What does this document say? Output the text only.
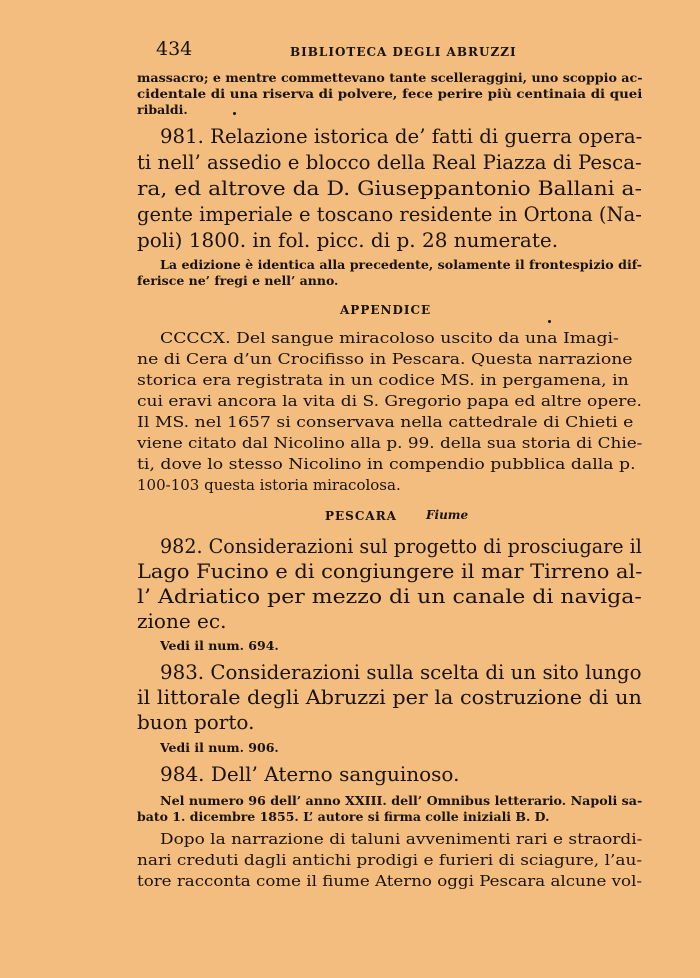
434	BIBLIOTECA DEGLI ABRUZZI
massacro; e mentre commettevano tante scelleraggini, uno scoppio ac-
cidentale di una riserva di polvere, fece perire più centinaia di quei
ribaldi.
981. Relazione istorica de’ fatti di guerra opera-
ti nell’ assedio e blocco della Real Piazza di Pesca-
ra, ed altrove da D. Giuseppantonio Ballani a-
gente imperiale e toscano residente in Ortona (Na-
poli) 1800. in fol. picc. di p. 28 numerate.
La edizione è identica alla precedente, solamente il frontespizio dif-
ferisce ne’ fregi e nell’ anno.
APPENDICE
CCCCX. Del sangue miracoloso uscito da una Imagi-
ne di Cera d’un Crocifisso in Pescara. Questa narrazione
storica era registrata in un codice MS. in pergamena, in
cui eravi ancora la vita di S. Gregorio papa ed altre opere.
Il MS. nel 1657 si conservava nella cattedrale di Chieti e
viene citato dal Nicolino alla p. 99. della sua storia di Chie-
ti, dove lo stesso Nicolino in compendio pubblica dalla p.
100-103 questa istoria miracolosa.
PESCARA Fiume
982. Considerazioni sul progetto di prosciugare il
Lago Fucino e di congiungere il mar Tirreno al-
l’ Adriatico per mezzo di un canale di naviga-
zione ec.
Vedi il num. 694.
983. Considerazioni sulla scelta di un sito lungo
il littorale degli Abruzzi per la costruzione di un
buon porto.
Vedi il num. 906.
984. Dell’ Aterno sanguinoso.
Nel numero 96 dell’ anno XXIII. dell’ Omnibus letterario. Napoli sa-
bato 1. dicembre 1855. L’ autore si firma colle iniziali B. D.
Dopo la narrazione di taluni avvenimenti rari e straordi-
nari creduti dagli antichi prodigi e furieri di sciagure, l’au-
tore racconta come il fiume Aterno oggi Pescara alcune vol-
